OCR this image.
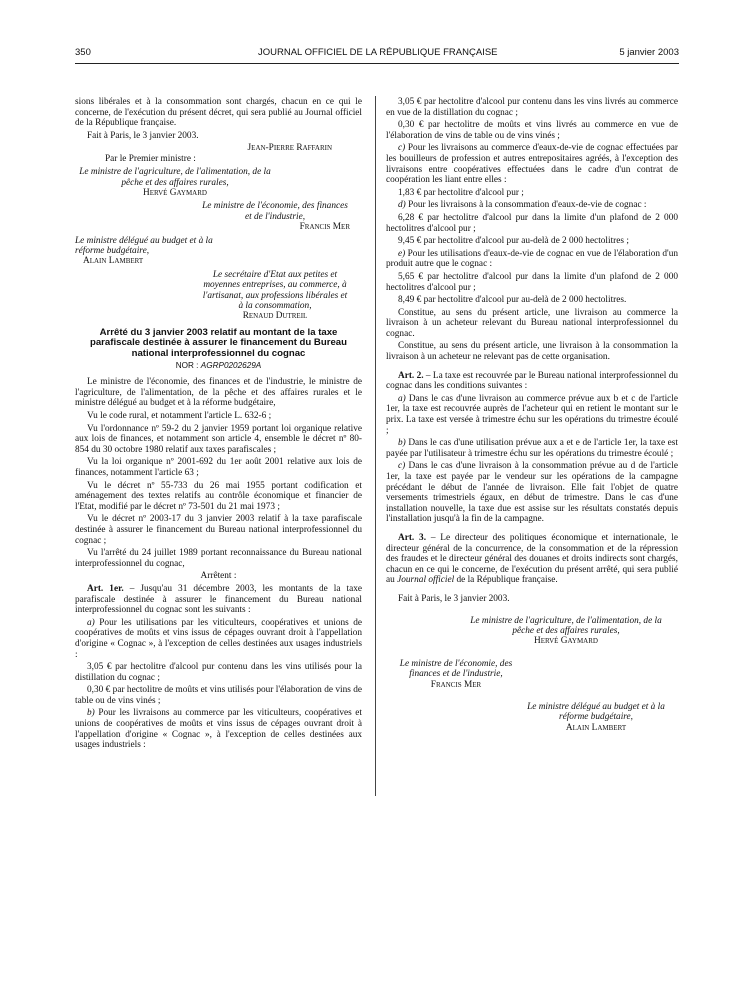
350	JOURNAL OFFICIEL DE LA RÉPUBLIQUE FRANÇAISE	5 janvier 2003

sions libérales et à la consommation sont chargés, chacun en ce qui le concerne, de l'exécution du présent décret, qui sera publié au Journal officiel de la République française.

Fait à Paris, le 3 janvier 2003.

Jean-Pierre Raffarin

Par le Premier ministre :

Le ministre de l'agriculture, de l'alimentation, de la pêche et des affaires rurales,

Hervé Gaymard

Le ministre de l'économie, des finances et de l'industrie,

Francis Mer

Le ministre délégué au budget et à la réforme budgétaire,

Alain Lambert

Le secrétaire d'Etat aux petites et moyennes entreprises, au commerce, à l'artisanat, aux professions libérales et à la consommation,

Renaud Dutreil

Arrêté du 3 janvier 2003 relatif au montant de la taxe parafiscale destinée à assurer le financement du Bureau national interprofessionnel du cognac

NOR : AGRP0202629A

Le ministre de l'économie, des finances et de l'industrie, le ministre de l'agriculture, de l'alimentation, de la pêche et des affaires rurales et le ministre délégué au budget et à la réforme budgétaire,

Vu le code rural, et notamment l'article L. 632-6 ;

Vu l'ordonnance nº 59-2 du 2 janvier 1959 portant loi organique relative aux lois de finances, et notamment son article 4, ensemble le décret nº 80-854 du 30 octobre 1980 relatif aux taxes parafiscales ;

Vu la loi organique nº 2001-692 du 1er août 2001 relative aux lois de finances, notamment l'article 63 ;

Vu le décret nº 55-733 du 26 mai 1955 portant codification et aménagement des textes relatifs au contrôle économique et financier de l'Etat, modifié par le décret nº 73-501 du 21 mai 1973 ;

Vu le décret nº 2003-17 du 3 janvier 2003 relatif à la taxe parafiscale destinée à assurer le financement du Bureau national interprofessionnel du cognac ;

Vu l'arrêté du 24 juillet 1989 portant reconnaissance du Bureau national interprofessionnel du cognac,

Arrêtent :

Art. 1er. – Jusqu'au 31 décembre 2003, les montants de la taxe parafiscale destinée à assurer le financement du Bureau national interprofessionnel du cognac sont les suivants :

a) Pour les utilisations par les viticulteurs, coopératives et unions de coopératives de moûts et vins issus de cépages ouvrant droit à l'appellation d'origine « Cognac », à l'exception de celles destinées aux usages industriels :

3,05 € par hectolitre d'alcool pur contenu dans les vins utilisés pour la distillation du cognac ;

0,30 € par hectolitre de moûts et vins utilisés pour l'élaboration de vins de table ou de vins vinés ;

b) Pour les livraisons au commerce par les viticulteurs, coopératives et unions de coopératives de moûts et vins issus de cépages ouvrant droit à l'appellation d'origine « Cognac », à l'exception de celles destinées aux usages industriels :

3,05 € par hectolitre d'alcool pur contenu dans les vins livrés au commerce en vue de la distillation du cognac ;

0,30 € par hectolitre de moûts et vins livrés au commerce en vue de l'élaboration de vins de table ou de vins vinés ;

c) Pour les livraisons au commerce d'eaux-de-vie de cognac effectuées par les bouilleurs de profession et autres entrepositaires agréés, à l'exception des livraisons entre coopératives effectuées dans le cadre d'un contrat de coopération les liant entre elles :

1,83 € par hectolitre d'alcool pur ;

d) Pour les livraisons à la consommation d'eaux-de-vie de cognac :

6,28 € par hectolitre d'alcool pur dans la limite d'un plafond de 2 000 hectolitres d'alcool pur ;

9,45 € par hectolitre d'alcool pur au-delà de 2 000 hectolitres ;

e) Pour les utilisations d'eaux-de-vie de cognac en vue de l'élaboration d'un produit autre que le cognac :

5,65 € par hectolitre d'alcool pur dans la limite d'un plafond de 2 000 hectolitres d'alcool pur ;

8,49 € par hectolitre d'alcool pur au-delà de 2 000 hectolitres.

Constitue, au sens du présent article, une livraison au commerce la livraison à un acheteur relevant du Bureau national interprofessionnel du cognac.

Constitue, au sens du présent article, une livraison à la consommation la livraison à un acheteur ne relevant pas de cette organisation.

Art. 2. – La taxe est recouvrée par le Bureau national interprofessionnel du cognac dans les conditions suivantes :

a) Dans le cas d'une livraison au commerce prévue aux b et c de l'article 1er, la taxe est recouvrée auprès de l'acheteur qui en retient le montant sur le prix. La taxe est versée à trimestre échu sur les opérations du trimestre écoulé ;

b) Dans le cas d'une utilisation prévue aux a et e de l'article 1er, la taxe est payée par l'utilisateur à trimestre échu sur les opérations du trimestre écoulé ;

c) Dans le cas d'une livraison à la consommation prévue au d de l'article 1er, la taxe est payée par le vendeur sur les opérations de la campagne précédant le début de l'année de livraison. Elle fait l'objet de quatre versements trimestriels égaux, en début de trimestre. Dans le cas d'une installation nouvelle, la taxe due est assise sur les résultats constatés depuis l'installation jusqu'à la fin de la campagne.

Art. 3. – Le directeur des politiques économique et internationale, le directeur général de la concurrence, de la consommation et de la répression des fraudes et le directeur général des douanes et droits indirects sont chargés, chacun en ce qui le concerne, de l'exécution du présent arrêté, qui sera publié au Journal officiel de la République française.

Fait à Paris, le 3 janvier 2003.

Le ministre de l'agriculture, de l'alimentation, de la pêche et des affaires rurales,

Hervé Gaymard

Le ministre de l'économie, des finances et de l'industrie,

Francis Mer

Le ministre délégué au budget et à la réforme budgétaire,

Alain Lambert
